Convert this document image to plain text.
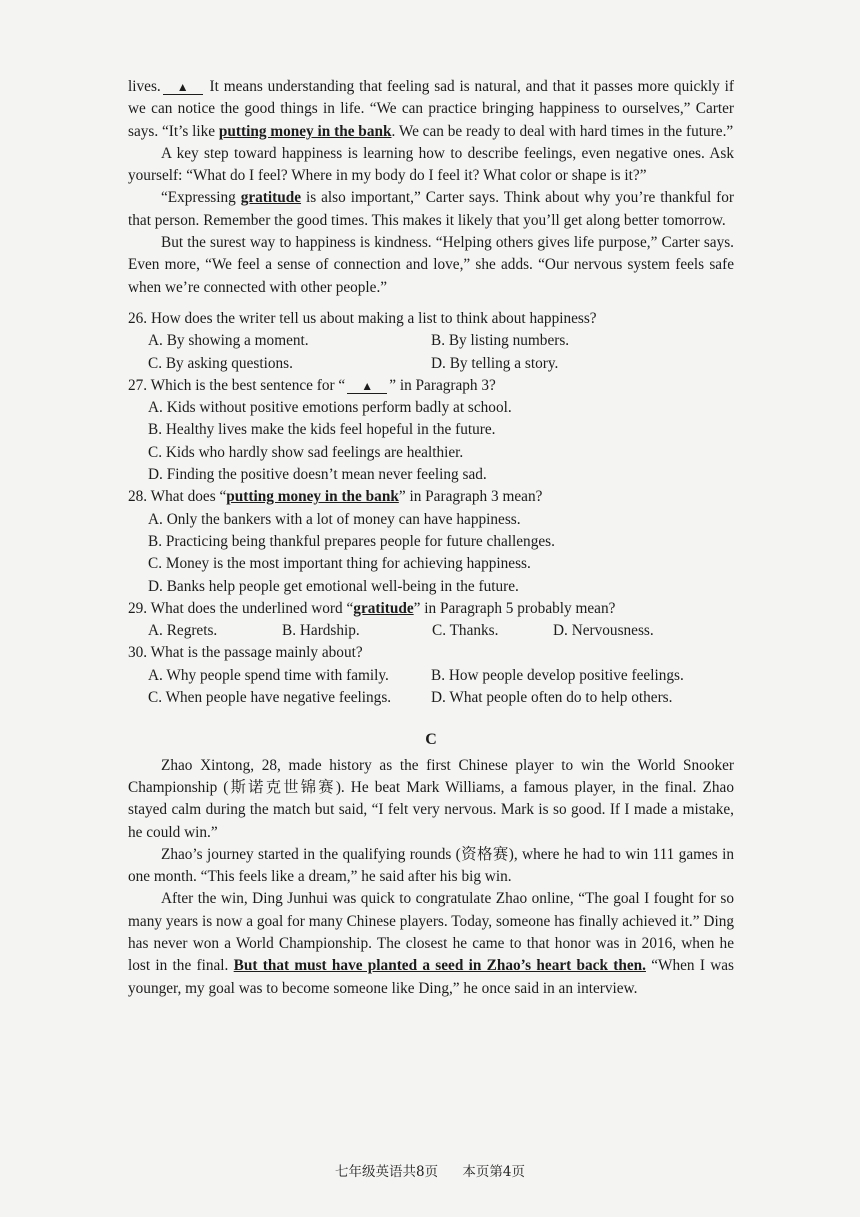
lives. ▲ It means understanding that feeling sad is natural, and that it passes more quickly if we can notice the good things in life. “We can practice bringing happiness to ourselves,” Carter says. “It’s like putting money in the bank. We can be ready to deal with hard times in the future.”

A key step toward happiness is learning how to describe feelings, even negative ones. Ask yourself: “What do I feel? Where in my body do I feel it? What color or shape is it?”

“Expressing gratitude is also important,” Carter says. Think about why you’re thankful for that person. Remember the good times. This makes it likely that you’ll get along better tomorrow.

But the surest way to happiness is kindness. “Helping others gives life purpose,” Carter says. Even more, “We feel a sense of connection and love,” she adds. “Our nervous system feels safe when we’re connected with other people.”

26. How does the writer tell us about making a list to think about happiness?

A. By showing a moment.	B. By listing numbers.
C. By asking questions.	D. By telling a story.

27. Which is the best sentence for “ ▲ ” in Paragraph 3?

A. Kids without positive emotions perform badly at school.

B. Healthy lives make the kids feel hopeful in the future.

C. Kids who hardly show sad feelings are healthier.

D. Finding the positive doesn’t mean never feeling sad.

28. What does “putting money in the bank” in Paragraph 3 mean?

A. Only the bankers with a lot of money can have happiness.

B. Practicing being thankful prepares people for future challenges.

C. Money is the most important thing for achieving happiness.

D. Banks help people get emotional well-being in the future.

29. What does the underlined word “gratitude” in Paragraph 5 probably mean?

A. Regrets.	B. Hardship.	C. Thanks.	D. Nervousness.

30. What is the passage mainly about?

A. Why people spend time with family.	B. How people develop positive feelings.
C. When people have negative feelings.	D. What people often do to help others.
C

Zhao Xintong, 28, made history as the first Chinese player to win the World Snooker Championship (斯诺克世锦赛). He beat Mark Williams, a famous player, in the final. Zhao stayed calm during the match but said, “I felt very nervous. Mark is so good. If I made a mistake, he could win.”

Zhao’s journey started in the qualifying rounds (资格赛), where he had to win 111 games in one month. “This feels like a dream,” he said after his big win.

After the win, Ding Junhui was quick to congratulate Zhao online, “The goal I fought for so many years is now a goal for many Chinese players. Today, someone has finally achieved it.” Ding has never won a World Championship. The closest he came to that honor was in 2016, when he lost in the final. But that must have planted a seed in Zhao’s heart back then. “When I was younger, my goal was to become someone like Ding,” he once said in an interview.

七年级英语共8页 本页第4页
